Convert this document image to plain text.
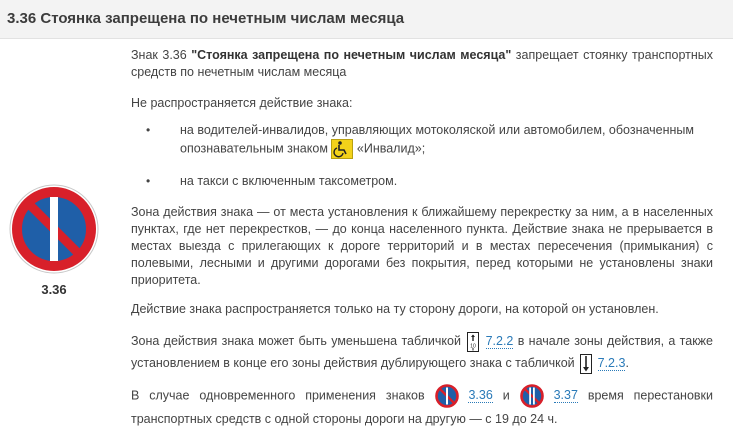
3.36 Стоянка запрещена по нечетным числам месяца
3.36

Знак 3.36 "Стоянка запрещена по нечетным числам месяца" запрещает стоянку транспортных средств по нечетным числам месяца

Не распространяется действие знака:

• на водителей-инвалидов, управляющих мотоколяской или автомобилем, обозначенным опознавательным знаком  «Инвалид»;
• на такси с включенным таксометром.

Зона действия знака — от места установления к ближайшему перекрестку за ним, а в населенных пунктах, где нет перекрестков, — до конца населенного пункта. Действие знака не прерывается в местах выезда с прилегающих к дороге территорий и в местах пересечения (примыкания) с полевыми, лесными и другими дорогами без покрытия, перед которыми не установлены знаки приоритета.

Действие знака распространяется только на ту сторону дороги, на которой он установлен.

Зона действия знака может быть уменьшена табличкой 10 7.2.2 в начале зоны действия, а также установлением в конце его зоны действия дублирующего знака с табличкой
7.2.3.

В случае одновременного применения знаков	3.36 и	3.37 время перестановки транспортных средств с одной стороны дороги на другую — с 19 до 24 ч.
